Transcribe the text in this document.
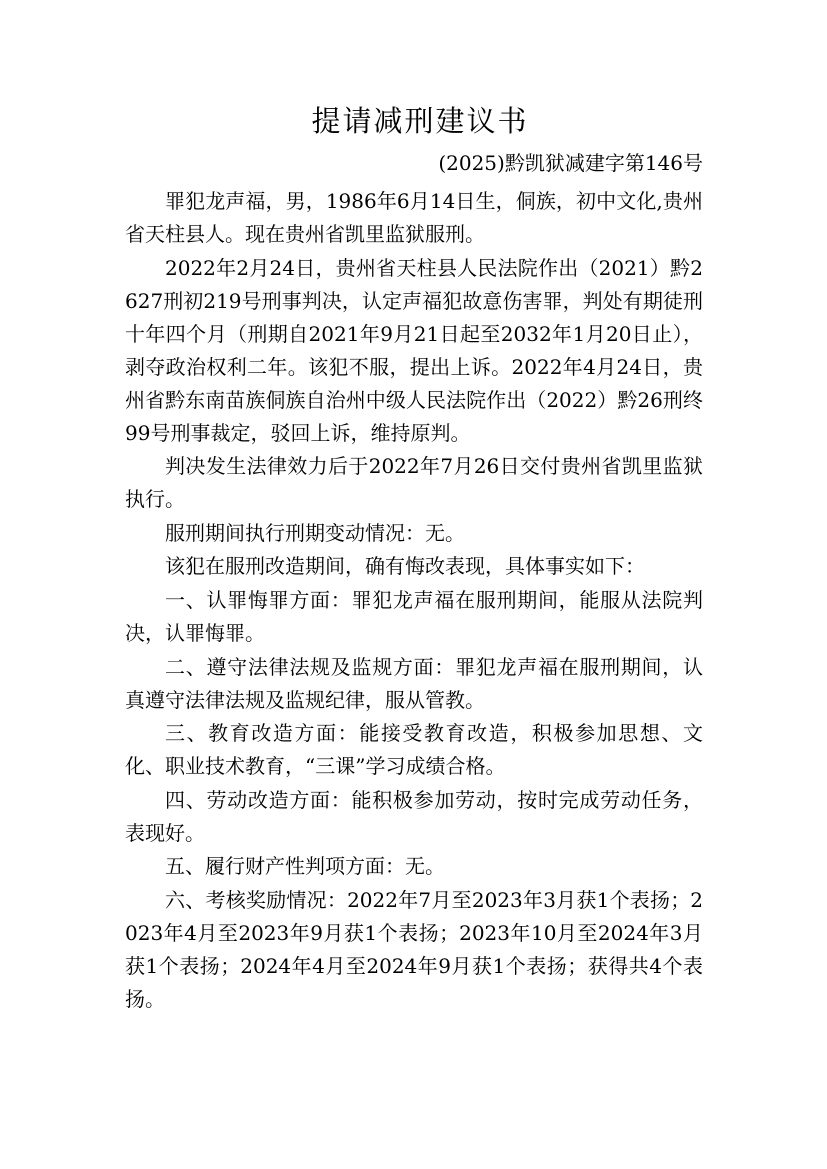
提请减刑建议书
(2025)黔凯狱减建字第146号

罪犯龙声福，男，1986年6月14日生，侗族，初中文化,贵州省天柱县人。现在贵州省凯里监狱服刑。

2022年2月24日，贵州省天柱县人民法院作出（2021）黔2627刑初219号刑事判决，认定声福犯故意伤害罪，判处有期徒刑十年四个月（刑期自2021年9月21日起至2032年1月20日止），剥夺政治权利二年。该犯不服，提出上诉。2022年4月24日，贵州省黔东南苗族侗族自治州中级人民法院作出（2022）黔26刑终99号刑事裁定，驳回上诉，维持原判。

判决发生法律效力后于2022年7月26日交付贵州省凯里监狱执行。

服刑期间执行刑期变动情况：无。

该犯在服刑改造期间，确有悔改表现，具体事实如下：

一、认罪悔罪方面：罪犯龙声福在服刑期间，能服从法院判决，认罪悔罪。

二、遵守法律法规及监规方面：罪犯龙声福在服刑期间，认真遵守法律法规及监规纪律，服从管教。

三、教育改造方面：能接受教育改造，积极参加思想、文化、职业技术教育，“三课”学习成绩合格。

四、劳动改造方面：能积极参加劳动，按时完成劳动任务，表现好。

五、履行财产性判项方面：无。

六、考核奖励情况：2022年7月至2023年3月获1个表扬；2023年4月至2023年9月获1个表扬；2023年10月至2024年3月获1个表扬；2024年4月至2024年9月获1个表扬；获得共4个表扬。
